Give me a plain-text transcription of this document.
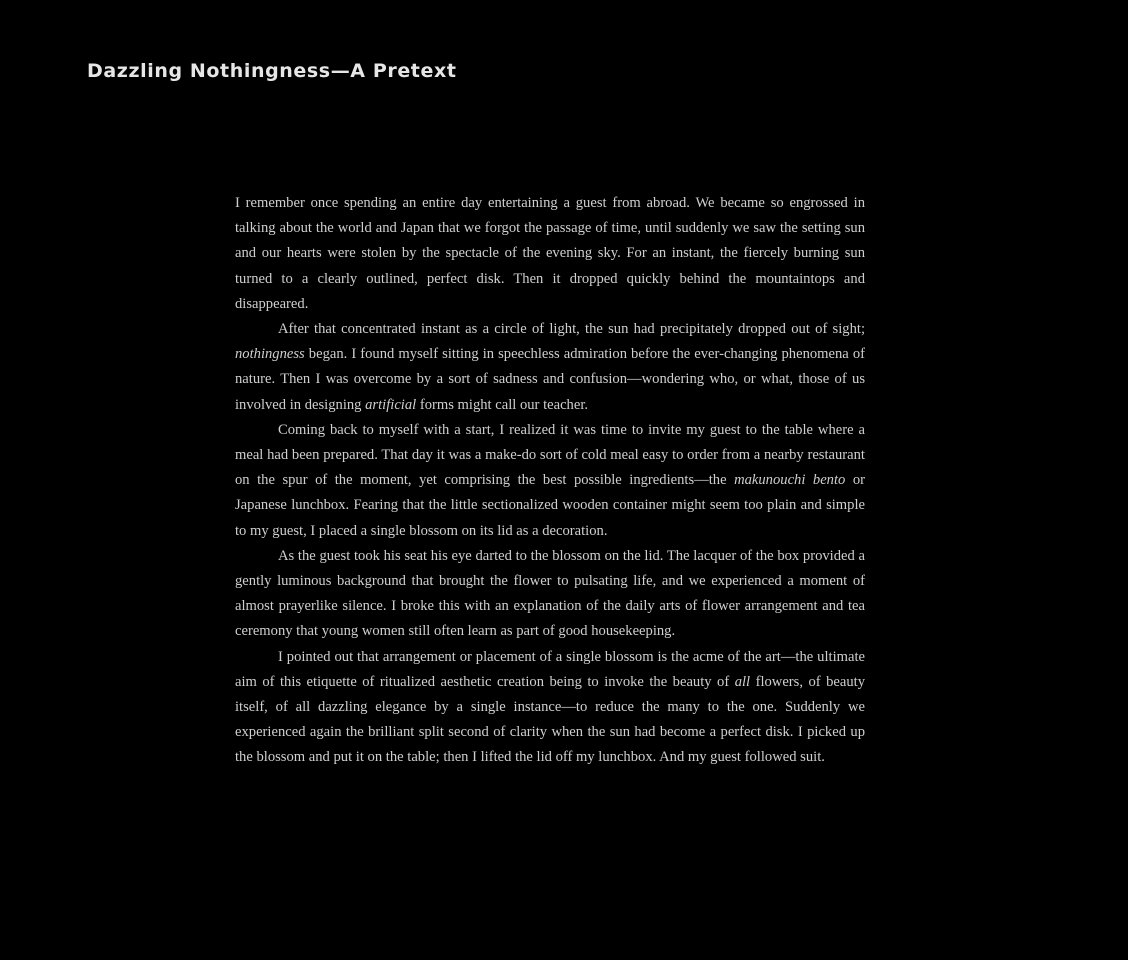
Dazzling Nothingness—A Pretext

I remember once spending an entire day entertaining a guest from abroad. We became so engrossed in talking about the world and Japan that we forgot the passage of time, until suddenly we saw the setting sun and our hearts were stolen by the spectacle of the evening sky. For an instant, the fiercely burning sun turned to a clearly outlined, perfect disk. Then it dropped quickly behind the mountaintops and disappeared.

After that concentrated instant as a circle of light, the sun had precipitately dropped out of sight; nothingness began. I found myself sitting in speechless admiration before the ever-changing phenomena of nature. Then I was overcome by a sort of sadness and confusion—wondering who, or what, those of us involved in designing artificial forms might call our teacher.

Coming back to myself with a start, I realized it was time to invite my guest to the table where a meal had been prepared. That day it was a make-do sort of cold meal easy to order from a nearby restaurant on the spur of the moment, yet comprising the best possible ingredients—the makunouchi bento or Japanese lunchbox. Fearing that the little sectionalized wooden container might seem too plain and simple to my guest, I placed a single blossom on its lid as a decoration.

As the guest took his seat his eye darted to the blossom on the lid. The lacquer of the box provided a gently luminous background that brought the flower to pulsating life, and we experienced a moment of almost prayerlike silence. I broke this with an explanation of the daily arts of flower arrangement and tea ceremony that young women still often learn as part of good housekeeping.

I pointed out that arrangement or placement of a single blossom is the acme of the art—the ultimate aim of this etiquette of ritualized aesthetic creation being to invoke the beauty of all flowers, of beauty itself, of all dazzling elegance by a single instance—to reduce the many to the one. Suddenly we experienced again the brilliant split second of clarity when the sun had become a perfect disk. I picked up the blossom and put it on the table; then I lifted the lid off my lunchbox. And my guest followed suit.
